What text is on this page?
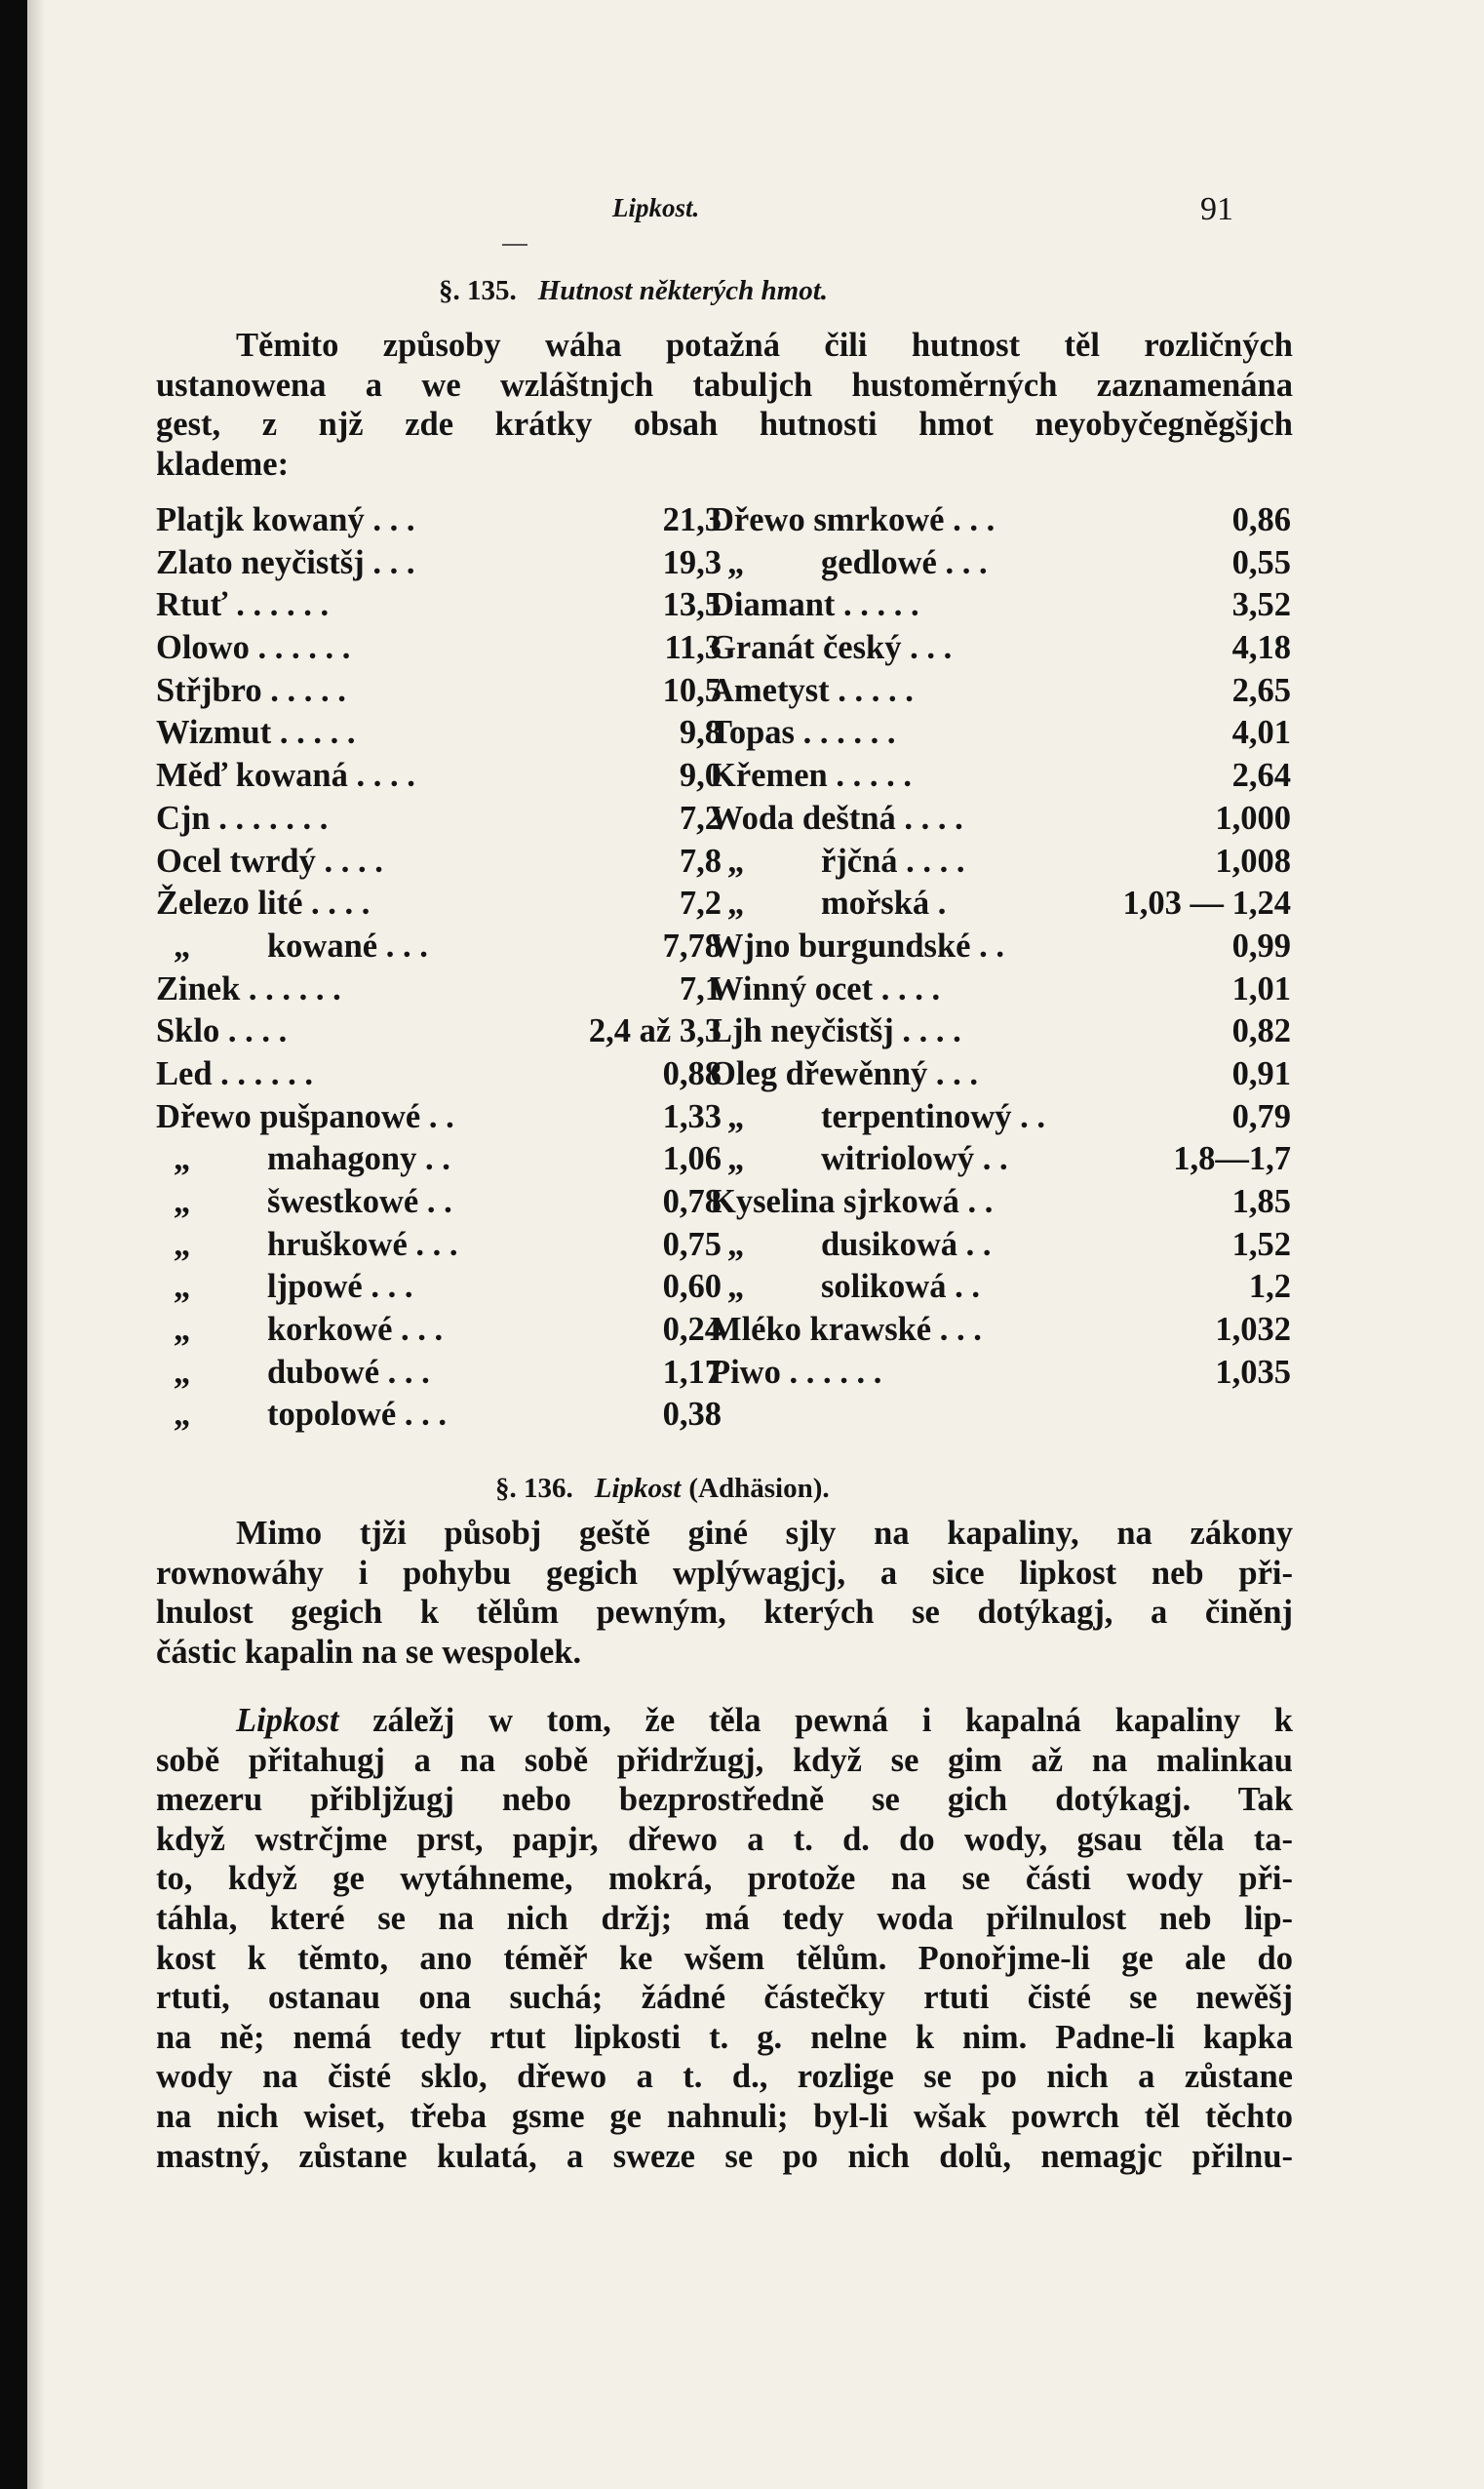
Lipkost.	91
§. 135. Hutnost některých hmot.
Těmito způsoby wáha potažná čili hutnost těl rozličných
ustanowena a we wzláštnjch tabuljch hustoměrných zaznamenána
gest, z njž zde krátky obsah hutnosti hmot neyobyčegněgšjch
klademe:
Platjk kowaný . . .	21,3
Zlato neyčistšj . . .	19,3
Rtuť . . . . . .	13,5
Olowo . . . . . .	11,3
Střjbro . . . . .	10,5
Wizmut . . . . .	9,8
Měď kowaná . . . .	9,0
Cjn . . . . . . .	7,2
Ocel twrdý . . . .	7,8
Železo lité . . . .	7,2
„ kowané . . .	7,78
Zinek . . . . . .	7,1
Sklo . . . .	2,4 až 3,3
Led . . . . . .	0,88
Dřewo pušpanowé . .	1,33
„ mahagony . .	1,06
„ šwestkowé . .	0,78
„ hruškowé . . .	0,75
„ ljpowé . . .	0,60
„ korkowé . . .	0,24
„ dubowé . . .	1,17
„ topolowé . . .	0,38
Dřewo smrkowé . . .	0,86
„ gedlowé . . .	0,55
Diamant . . . . .	3,52
Granát český . . .	4,18
Ametyst . . . . .	2,65
Topas . . . . . .	4,01
Křemen . . . . .	2,64
Woda deštná . . . .	1,000
„ řjčná . . . .	1,008
„ mořská .	1,03 — 1,24
Wjno burgundské . .	0,99
Winný ocet . . . .	1,01
Ljh neyčistšj . . . .	0,82
Oleg dřewěnný . . .	0,91
„ terpentinowý . .	0,79
„ witriolowý . .	1,8—1,7
Kyselina sjrkowá . .	1,85
„ dusikowá . .	1,52
„ solikowá . .	1,2
Mléko krawské . . .	1,032
Piwo . . . . . .	1,035
§. 136. Lipkost (Adhäsion).
Mimo tjži působj geště giné sjly na kapaliny, na zákony
rownowáhy i pohybu gegich wplýwagjcj, a sice lipkost neb při-
lnulost gegich k tělům pewným, kterých se dotýkagj, a činěnj
částic kapalin na se wespolek.
Lipkost záležj w tom, že těla pewná i kapalná kapaliny k
sobě přitahugj a na sobě přidržugj, když se gim až na malinkau
mezeru přibljžugj nebo bezprostředně se gich dotýkagj. Tak
když wstrčjme prst, papjr, dřewo a t. d. do wody, gsau těla ta-
to, když ge wytáhneme, mokrá, protože na se části wody při-
táhla, které se na nich držj; má tedy woda přilnulost neb lip-
kost k těmto, ano téměř ke wšem tělům. Ponořjme-li ge ale do
rtuti, ostanau ona suchá; žádné částečky rtuti čisté se newěšj
na ně; nemá tedy rtut lipkosti t. g. nelne k nim. Padne-li kapka
wody na čisté sklo, dřewo a t. d., rozlige se po nich a zůstane
na nich wiset, třeba gsme ge nahnuli; byl-li wšak powrch těl těchto
mastný, zůstane kulatá, a sweze se po nich dolů, nemagjc přilnu-
